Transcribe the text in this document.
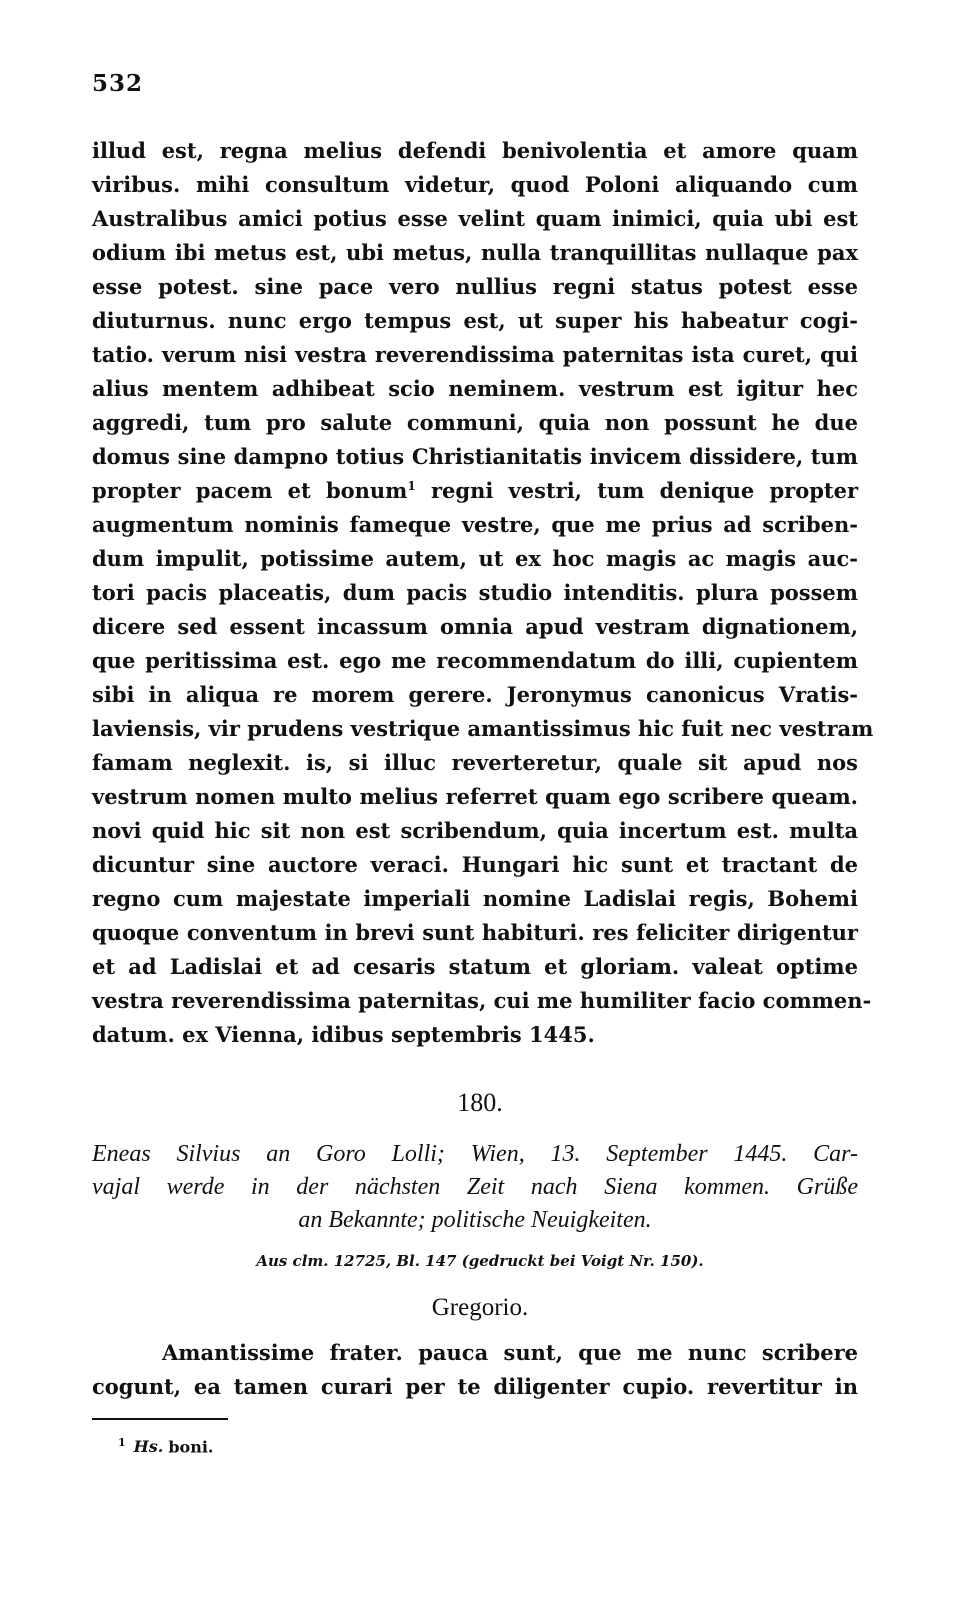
532
illud est, regna melius defendi benivolentia et amore quam
viribus. mihi consultum videtur, quod Poloni aliquando cum
Australibus amici potius esse velint quam inimici, quia ubi est
odium ibi metus est, ubi metus, nulla tranquillitas nullaque pax
esse potest. sine pace vero nullius regni status potest esse
diuturnus. nunc ergo tempus est, ut super his habeatur cogi-
tatio. verum nisi vestra reverendissima paternitas ista curet, qui
alius mentem adhibeat scio neminem. vestrum est igitur hec
aggredi, tum pro salute communi, quia non possunt he due
domus sine dampno totius Christianitatis invicem dissidere, tum
propter pacem et bonum$^1$ regni vestri, tum denique propter
augmentum nominis fameque vestre, que me prius ad scriben-
dum impulit, potissime autem, ut ex hoc magis ac magis auc-
tori pacis placeatis, dum pacis studio intenditis. plura possem
dicere sed essent incassum omnia apud vestram dignationem,
que peritissima est. ego me recommendatum do illi, cupientem
sibi in aliqua re morem gerere. Jeronymus canonicus Vratis-
laviensis, vir prudens vestrique amantissimus hic fuit nec vestram
famam neglexit. is, si illuc reverteretur, quale sit apud nos
vestrum nomen multo melius referret quam ego scribere queam.
novi quid hic sit non est scribendum, quia incertum est. multa
dicuntur sine auctore veraci. Hungari hic sunt et tractant de
regno cum majestate imperiali nomine Ladislai regis, Bohemi
quoque conventum in brevi sunt habituri. res feliciter dirigentur
et ad Ladislai et ad cesaris statum et gloriam. valeat optime
vestra reverendissima paternitas, cui me humiliter facio commen-
datum. ex Vienna, idibus septembris 1445.
180.
Eneas Silvius an Goro Lolli; Wien, 13. September 1445. Car-
vajal werde in der nächsten Zeit nach Siena kommen. Grüße
an Bekannte; politische Neuigkeiten.
Aus clm. 12725, Bl. 147 (gedruckt bei Voigt Nr. 150).
Gregorio.
Amantissime frater. pauca sunt, que me nunc scribere
cogunt, ea tamen curari per te diligenter cupio. revertitur in
$^1$ Hs. boni.
